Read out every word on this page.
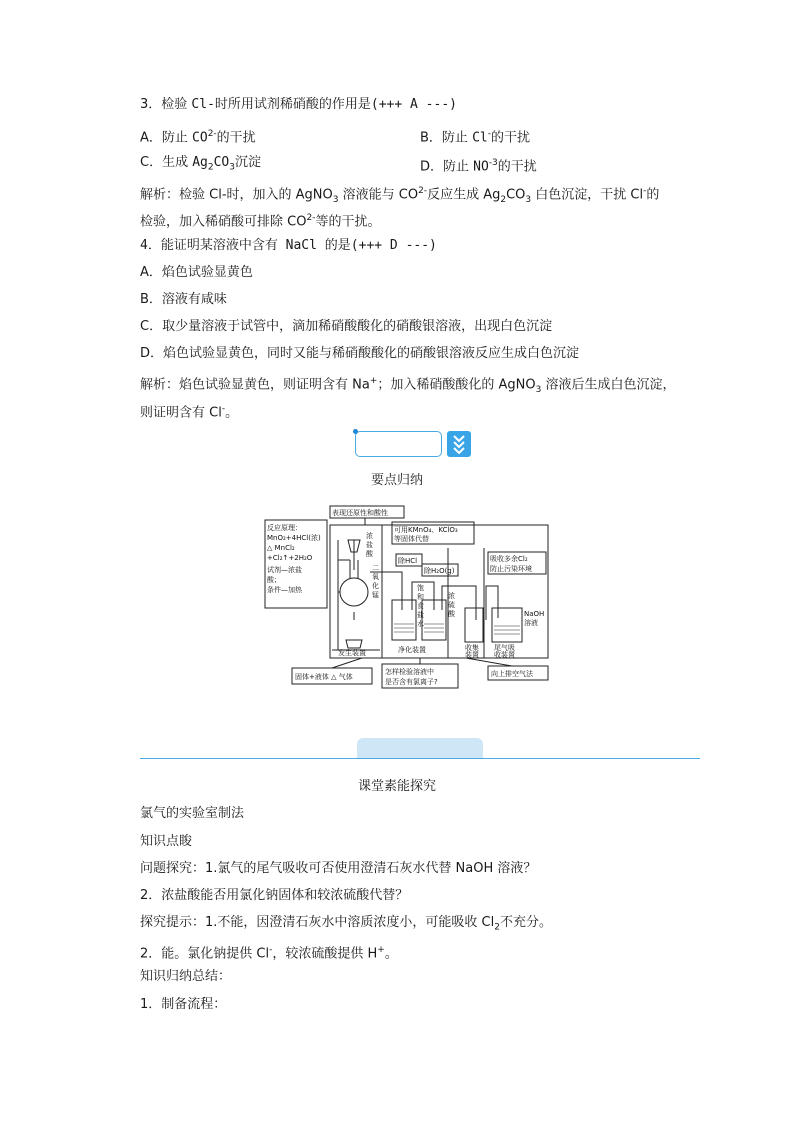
3．检验 Cl-时所用试剂稀硝酸的作用是(+++ A ---)
A．防止 $CO^{2-}$的干扰	B．防止 Cl-的干扰
C．生成 $Ag_2CO_3$沉淀	D．防止 $NO^{-3}$的干扰
解析：检验 Cl-时，加入的 AgNO$_3$ 溶液能与 $CO^{2-}$反应生成 $Ag_2CO_3$ 白色沉淀，干扰 Cl-的
检验，加入稀硝酸可排除 $CO^{2-}$等的干扰。
4．能证明某溶液中含有 NaCl 的是(+++ D ---)
A．焰色试验显黄色
B．溶液有咸味
C．取少量溶液于试管中，滴加稀硝酸酸化的硝酸银溶液，出现白色沉淀
D．焰色试验显黄色，同时又能与稀硝酸酸化的硝酸银溶液反应生成白色沉淀
解析：焰色试验显黄色，则证明含有 Na+；加入稀硝酸酸化的 AgNO$_3$ 溶液后生成白色沉淀，
则证明含有 Cl-。
要点归纳
反应原理：
MnO₂+4HCl(浓)
△ MnCl₂
+Cl₂↑+2H₂O
试剂—浓盐
酸；
条件—加热
表现还原性和酸性
可用KMnO₄、KClO₃
等固体代替
浓
盐
酸
二
氧
化
锰
除HCl
除H₂O(g)
饱
和
食
盐
水
浓
硫
酸
吸收多余Cl₂
防止污染环境
NaOH
溶液
发生装置	净化装置	收集
装置
尾气吸
收装置
固体+液体 △ 气体
怎样检验溶液中
是否含有氯离子?
向上排空气法
课堂素能探究
氯气的实验室制法
知识点睃
问题探究：1.氯气的尾气吸收可否使用澄清石灰水代替 NaOH 溶液？
2．浓盐酸能否用氯化钠固体和较浓硫酸代替？
探究提示：1.不能，因澄清石灰水中溶质浓度小，可能吸收 $Cl_2$不充分。
2．能。氯化钠提供 Cl-，较浓硫酸提供 H+。
知识归纳总结：
1．制备流程：
